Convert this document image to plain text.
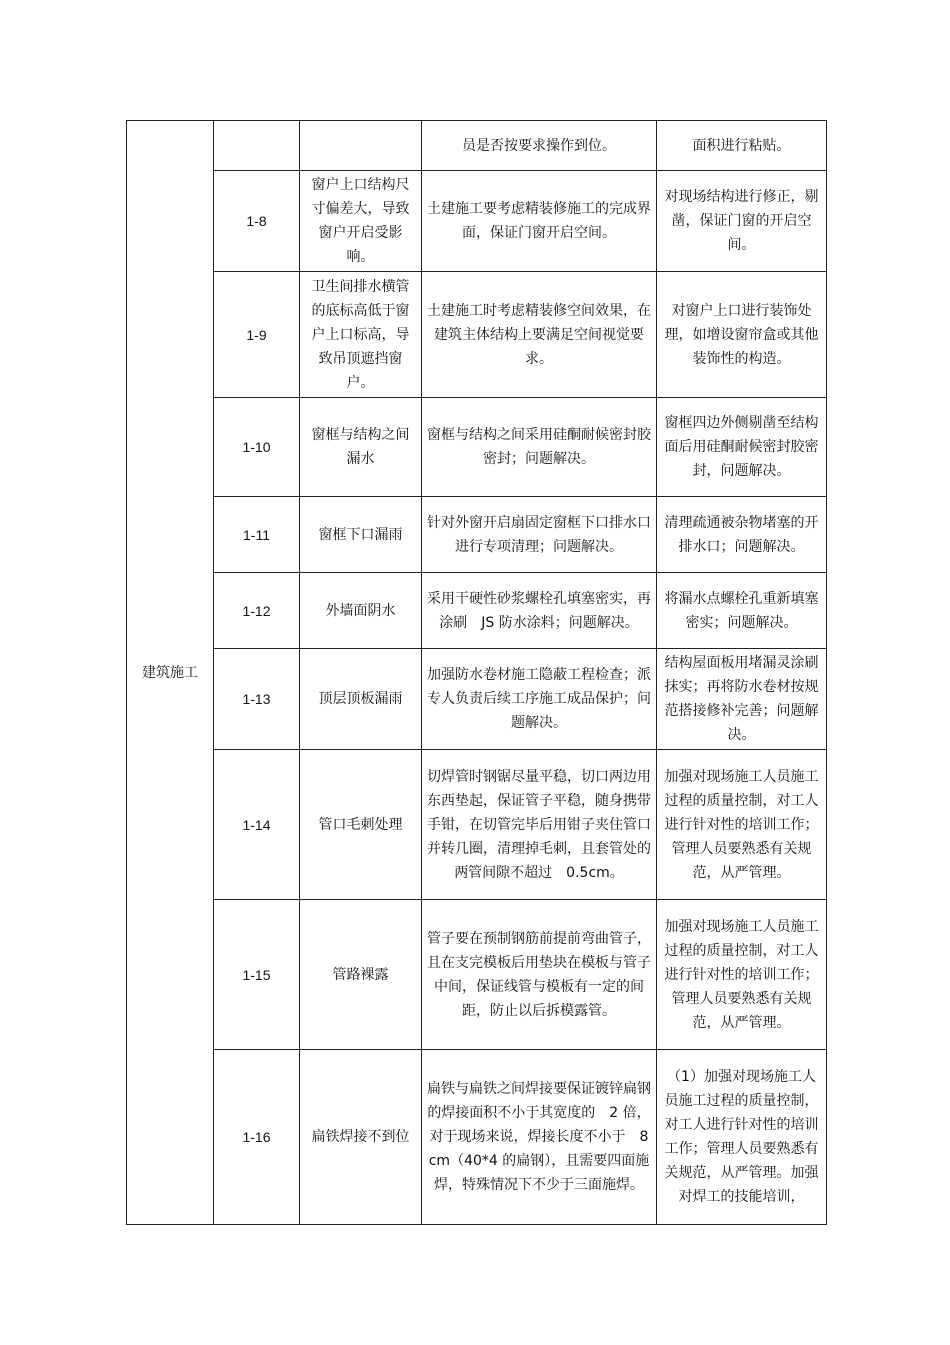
建筑施工			员是否按要求操作到位。	面积进行粘贴。
	1-8	窗户上口结构尺寸偏差大，导致窗户开启受影响。	土建施工要考虑精装修施工的完成界面，保证门窗开启空间。	对现场结构进行修正，剔凿，保证门窗的开启空间。
	1-9	卫生间排水横管的底标高低于窗户上口标高，导致吊顶遮挡窗户。	土建施工时考虑精装修空间效果，在建筑主体结构上要满足空间视觉要求。	对窗户上口进行装饰处理，如增设窗帘盒或其他装饰性的构造。
	1-10	窗框与结构之间漏水	窗框与结构之间采用硅酮耐候密封胶密封；问题解决。	窗框四边外侧剔凿至结构面后用硅酮耐候密封胶密封，问题解决。
	1-11	窗框下口漏雨	针对外窗开启扇固定窗框下口排水口进行专项清理；问题解决。	清理疏通被杂物堵塞的开排水口；问题解决。
	1-12	外墙面阴水	采用干硬性砂浆螺栓孔填塞密实，再涂刷　JS 防水涂料；问题解决。	将漏水点螺栓孔重新填塞密实；问题解决。
	1-13	顶层顶板漏雨	加强防水卷材施工隐蔽工程检查；派专人负责后续工序施工成品保护；问题解决。	结构屋面板用堵漏灵涂刷抹实；再将防水卷材按规范搭接修补完善；问题解决。
	1-14	管口毛刺处理	切焊管时钢锯尽量平稳，切口两边用东西垫起，保证管子平稳，随身携带手钳，在切管完毕后用钳子夹住管口并转几圈，清理掉毛刺，且套管处的两管间隙不超过　0.5cm。	加强对现场施工人员施工过程的质量控制，对工人进行针对性的培训工作；管理人员要熟悉有关规范，从严管理。
	1-15	管路裸露	管子要在预制钢筋前提前弯曲管子，且在支完模板后用垫块在模板与管子中间，保证线管与模板有一定的间距，防止以后拆模露管。	加强对现场施工人员施工过程的质量控制，对工人进行针对性的培训工作；管理人员要熟悉有关规范，从严管理。
	1-16	扁铁焊接不到位	扁铁与扁铁之间焊接要保证镀锌扁钢的焊接面积不小于其宽度的　2 倍，对于现场来说，焊接长度不小于　8cm（40*4 的扁钢），且需要四面施焊，特殊情况下不少于三面施焊。	（1）加强对现场施工人员施工过程的质量控制，对工人进行针对性的培训工作；管理人员要熟悉有关规范，从严管理。加强对焊工的技能培训，
